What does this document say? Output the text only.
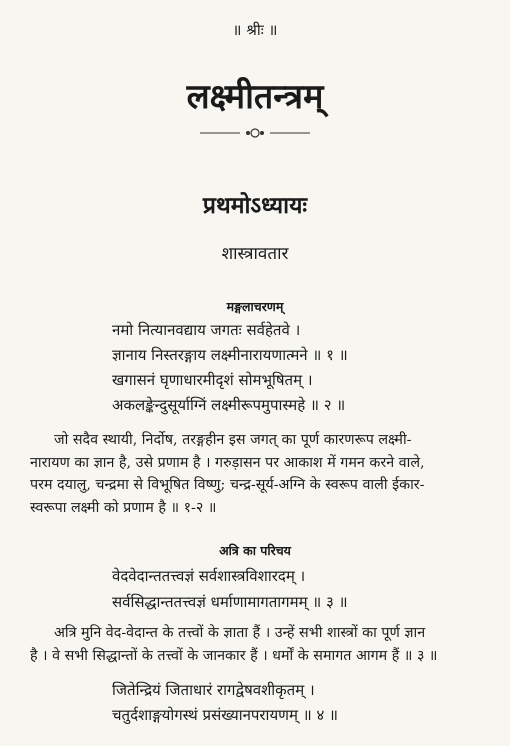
॥ श्रीः ॥
लक्ष्मीतन्त्रम्
प्रथमोऽध्यायः
शास्त्रावतार
मङ्गलाचरणम्
नमो नित्यानवद्याय जगतः सर्वहेतवे ।
ज्ञानाय निस्तरङ्गाय लक्ष्मीनारायणात्मने ॥ १ ॥
खगासनं घृणाधारमीदृशं सोमभूषितम् ।
अकलङ्केन्दुसूर्याग्निं लक्ष्मीरूपमुपास्महे ॥ २ ॥

जो सदैव स्थायी, निर्दोष, तरङ्गहीन इस जगत् का पूर्ण कारणरूप लक्ष्मी-

नारायण का ज्ञान है, उसे प्रणाम है । गरुड़ासन पर आकाश में गमन करने वाले,

परम दयालु, चन्द्रमा से विभूषित विष्णु; चन्द्र-सूर्य-अग्नि के स्वरूप वाली ईकार-

स्वरूपा लक्ष्मी को प्रणाम है ॥ १-२ ॥

अत्रि का परिचय
वेदवेदान्ततत्त्वज्ञं सर्वशास्त्रविशारदम् ।
सर्वसिद्धान्ततत्त्वज्ञं धर्माणामागतागमम् ॥ ३ ॥

अत्रि मुनि वेद-वेदान्त के तत्त्वों के ज्ञाता हैं । उन्हें सभी शास्त्रों का पूर्ण ज्ञान

है । वे सभी सिद्धान्तों के तत्त्वों के जानकार हैं । धर्मों के समागत आगम हैं ॥ ३ ॥

जितेन्द्रियं जिताधारं रागद्वेषवशीकृतम् ।
चतुर्दशाङ्गयोगस्थं प्रसंख्यानपरायणम् ॥ ४ ॥
